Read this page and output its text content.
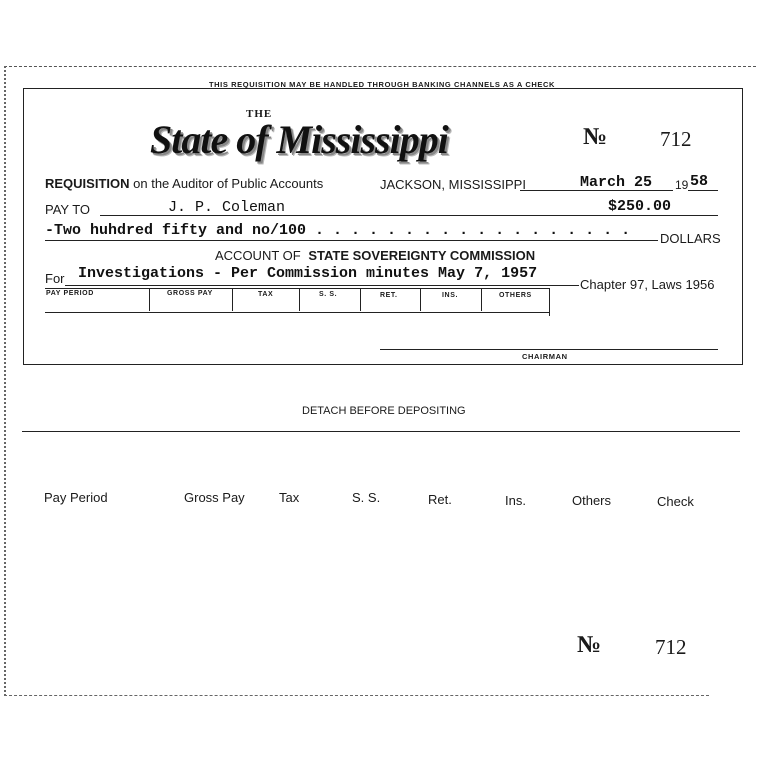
THIS REQUISITION MAY BE HANDLED THROUGH BANKING CHANNELS AS A CHECK
THE
State of Mississippi	№	712
REQUISITION on the Auditor of Public Accounts	JACKSON, MISSISSIPPI	March 25 19 58
PAY TO	J. P. Coleman	$250.00
-Two huhdred fifty and no/100 . . . . . . . . . . . . . . . . . . DOLLARS
ACCOUNT OF STATE SOVEREIGNTY COMMISSION
For Investigations - Per Commission minutes May 7, 1957
Chapter 97, Laws 1956
PAY PERIOD	GROSS PAY	TAX	S. S.	RET.	INS.	OTHERS
CHAIRMAN
DETACH BEFORE DEPOSITING
Pay Period	Gross Pay	Tax	S. S.	Ret.	Ins.	Others	Check
№	712
